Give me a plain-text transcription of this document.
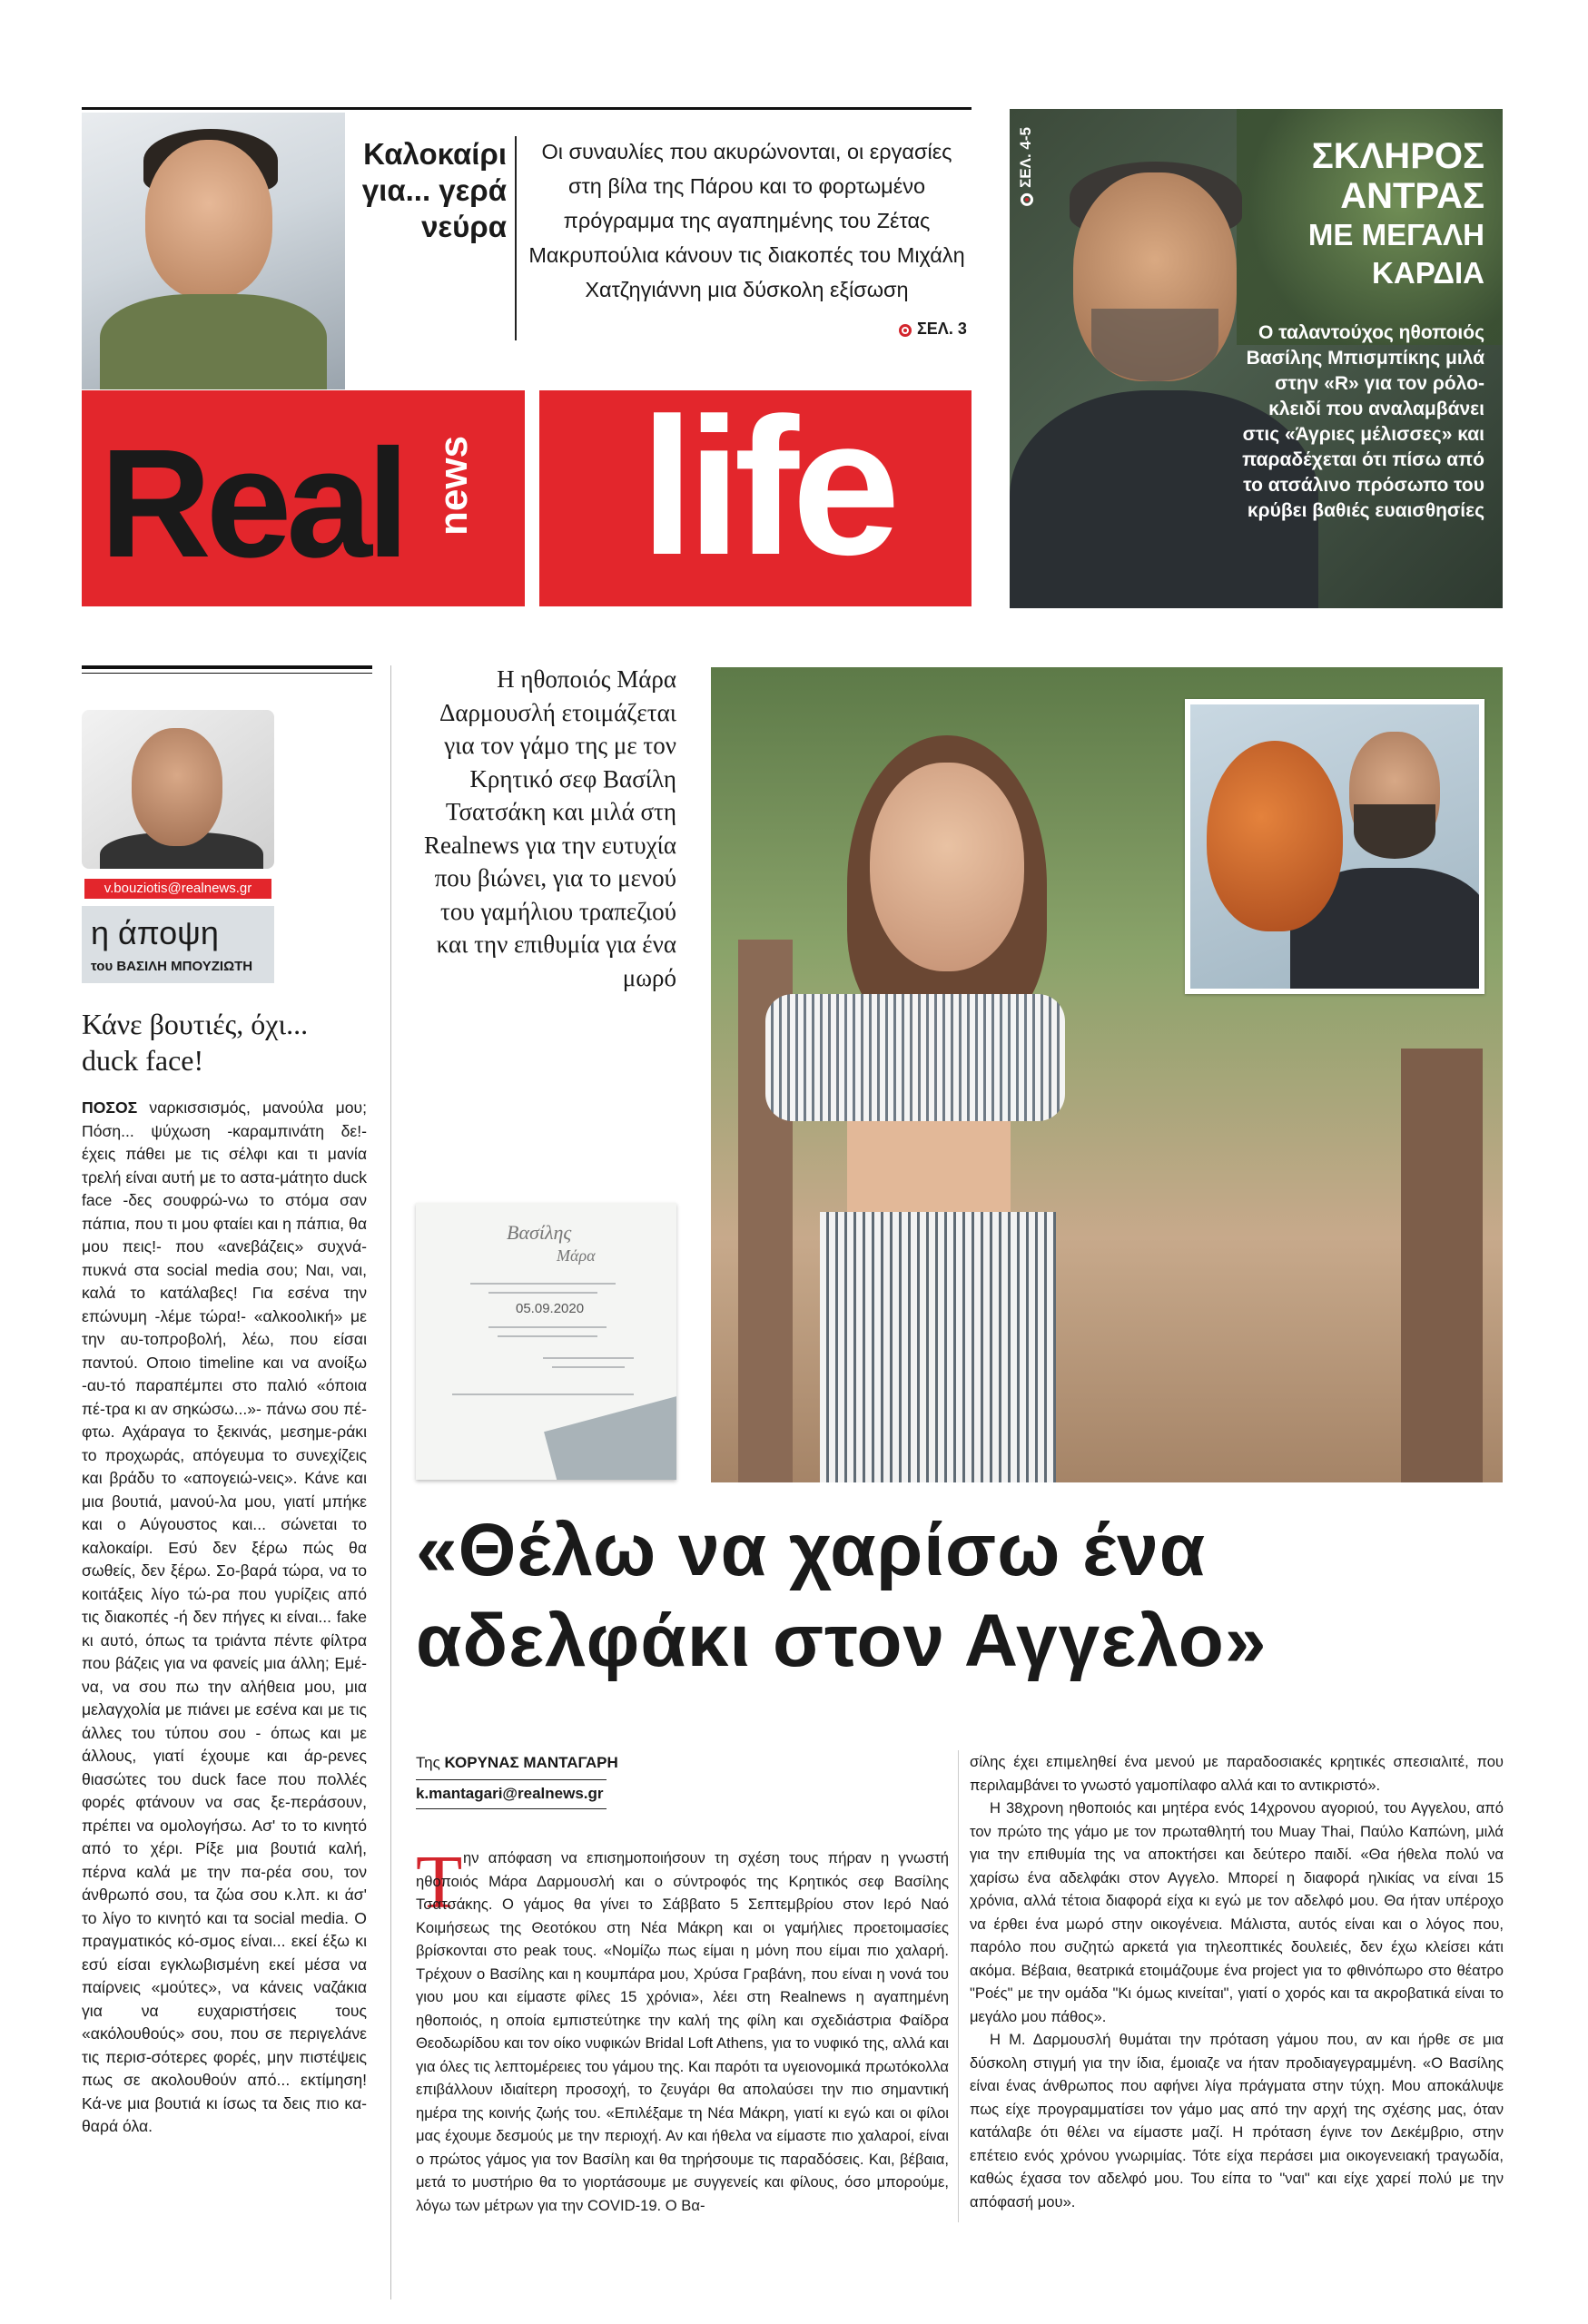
Καλοκαίρι για... γερά νεύρα
Οι συναυλίες που ακυρώνονται, οι εργασίες στη βίλα της Πάρου και το φορτωμένο πρόγραμμα της αγαπημένης του Ζέτας Μακρυπούλια κάνουν τις διακοπές του Μιχάλη Χατζηγιάννη μια δύσκολη εξίσωση
ΣΕΛ. 3
Real news life
ΣΕΛ. 4-5	ΣΚΛΗΡΟΣ ΑΝΤΡΑΣ
ΜΕ ΜΕΓΑΛΗ ΚΑΡΔΙΑ
Ο ταλαντούχος ηθοποιός Βασίλης Μπισμπίκης μιλά στην «R» για τον ρόλο-κλειδί που αναλαμβάνει στις «Άγριες μέλισσες» και παραδέχεται ότι πίσω από το ατσάλινο πρόσωπο του κρύβει βαθιές ευαισθησίες
v.bouziotis@realnews.gr
η άποψη
του ΒΑΣΙΛΗ ΜΠΟΥΖΙΩΤΗ
Κάνε βουτιές, όχι... duck face!
ΠΟΣΟΣ ναρκισσισμός, μανούλα μου; Πόση... ψύχωση -καραμπινάτη δε!- έχεις πάθει με τις σέλφι και τι μανία τρελή είναι αυτή με το αστα-μάτητο duck face -δες σουφρώ-νω το στόμα σαν πάπια, που τι μου φταίει και η πάπια, θα μου πεις!- που «ανεβάζεις» συχνά-πυκνά στα social media σου; Ναι, ναι, καλά το κατάλαβες! Για εσένα την επώνυμη -λέμε τώρα!- «αλκοολική» με την αυ-τοπροβολή, λέω, που είσαι παντού. Οποιο timeline και να ανοίξω -αυ-τό παραπέμπει στο παλιό «όποια πέ-τρα κι αν σηκώσω...»- πάνω σου πέ-φτω. Αχάραγα το ξεκινάς, μεσημε-ράκι το προχωράς, απόγευμα το συνεχίζεις και βράδυ το «απογειώ-νεις». Κάνε και μια βουτιά, μανού-λα μου, γιατί μπήκε και ο Αύγουστος και... σώνεται το καλοκαίρι. Εσύ δεν ξέρω πώς θα σωθείς, δεν ξέρω. Σο-βαρά τώρα, να το κοιτάξεις λίγο τώ-ρα που γυρίζεις από τις διακοπές -ή δεν πήγες κι είναι... fake κι αυτό, όπως τα τριάντα πέντε φίλτρα που βάζεις για να φανείς μια άλλη; Εμέ-να, να σου πω την αλήθεια μου, μια μελαγχολία με πιάνει με εσένα και με τις άλλες του τύπου σου - όπως και με άλλους, γιατί έχουμε και άρ-ρενες θιασώτες του duck face που πολλές φορές φτάνουν να σας ξε-περάσουν, πρέπει να ομολογήσω. Ασ' το το κινητό από το χέρι. Ρίξε μια βουτιά καλή, πέρνα καλά με την πα-ρέα σου, τον άνθρωπό σου, τα ζώα σου κ.λπ. κι άσ' το λίγο το κινητό και τα social media. Ο πραγματικός κό-σμος είναι... εκεί έξω κι εσύ είσαι εγκλωβισμένη εκεί μέσα να παίρνεις «μούτες», να κάνεις ναζάκια για να ευχαριστήσεις τους «ακόλουθούς» σου, που σε περιγελάνε τις περισ-σότερες φορές, μην πιστέψεις πως σε ακολουθούν από... εκτίμηση! Κά-νε μια βουτιά κι ίσως τα δεις πιο κα-θαρά όλα.
Η ηθοποιός Μάρα Δαρμουσλή ετοιμάζεται για τον γάμο της με τον Κρητικό σεφ Βασίλη Τσατσάκη και μιλά στη Realnews για την ευτυχία που βιώνει, για το μενού του γαμήλιου τραπεζιού και την επιθυμία για ένα μωρό
Βασίλης
Μάρα
05.09.2020
«Θέλω να χαρίσω ένα αδελφάκι στον Αγγελο»
Της ΚΟΡΥΝΑΣ ΜΑΝΤΑΓΑΡΗ
k.mantagari@realnews.gr
Τ ην απόφαση να επισημοποιήσουν τη σχέση τους πήραν η γνωστή ηθοποιός Μάρα Δαρμουσλή και ο σύντροφός της Κρητικός σεφ Βασίλης Τσατσάκης. Ο γάμος θα γίνει το Σάββατο 5 Σεπτεμβρίου στον Ιερό Ναό Κοιμήσεως της Θεοτόκου στη Νέα Μάκρη και οι γαμήλιες προετοιμασίες βρίσκονται στο peak τους. «Νομίζω πως είμαι η μόνη που είμαι πιο χαλαρή. Τρέχουν ο Βασίλης και η κουμπάρα μου, Χρύσα Γραβάνη, που είναι η νονά του γιου μου και είμαστε φίλες 15 χρόνια», λέει στη Realnews η αγαπημένη ηθοποιός, η οποία εμπιστεύτηκε την καλή της φίλη και σχεδιάστρια Φαίδρα Θεοδωρίδου και τον οίκο νυφικών Bridal Loft Athens, για το νυφικό της, αλλά και για όλες τις λεπτομέρειες του γάμου της. Και παρότι τα υγειονομικά πρωτόκολλα επιβάλλουν ιδιαίτερη προσοχή, το ζευγάρι θα απολαύσει την πιο σημαντική ημέρα της κοινής ζωής του. «Επιλέξαμε τη Νέα Μάκρη, γιατί κι εγώ και οι φίλοι μας έχουμε δεσμούς με την περιοχή. Αν και ήθελα να είμαστε πιο χαλαροί, είναι ο πρώτος γάμος για τον Βασίλη και θα τηρήσουμε τις παραδόσεις. Και, βέβαια, μετά το μυστήριο θα το γιορτάσουμε με συγγενείς και φίλους, όσο μπορούμε, λόγω των μέτρων για την COVID-19. Ο Βα-

σίλης έχει επιμεληθεί ένα μενού με παραδοσιακές κρητικές σπεσιαλιτέ, που περιλαμβάνει το γνωστό γαμοπίλαφο αλλά και το αντικριστό».

Η 38χρονη ηθοποιός και μητέρα ενός 14χρονου αγοριού, του Αγγελου, από τον πρώτο της γάμο με τον πρωταθλητή του Muay Thai, Παύλο Καπώνη, μιλά για την επιθυμία της να αποκτήσει και δεύτερο παιδί. «Θα ήθελα πολύ να χαρίσω ένα αδελφάκι στον Αγγελο. Μπορεί η διαφορά ηλικίας να είναι 15 χρόνια, αλλά τέτοια διαφορά είχα κι εγώ με τον αδελφό μου. Θα ήταν υπέροχο να έρθει ένα μωρό στην οικογένεια. Μάλιστα, αυτός είναι και ο λόγος που, παρόλο που συζητώ αρκετά για τηλεοπτικές δουλειές, δεν έχω κλείσει κάτι ακόμα. Βέβαια, θεατρικά ετοιμάζουμε ένα project για το φθινόπωρο στο θέατρο "Ροές" με την ομάδα "Κι όμως κινείται", γιατί ο χορός και τα ακροβατικά είναι το μεγάλο μου πάθος».

Η Μ. Δαρμουσλή θυμάται την πρόταση γάμου που, αν και ήρθε σε μια δύσκολη στιγμή για την ίδια, έμοιαζε να ήταν προδιαγεγραμμένη. «Ο Βασίλης είναι ένας άνθρωπος που αφήνει λίγα πράγματα στην τύχη. Μου αποκάλυψε πως είχε προγραμματίσει τον γάμο μας από την αρχή της σχέσης μας, όταν κατάλαβε ότι θέλει να είμαστε μαζί. Η πρόταση έγινε τον Δεκέμβριο, στην επέτειο ενός χρόνου γνωριμίας. Τότε είχα περάσει μια οικογενειακή τραγωδία, καθώς έχασα τον αδελφό μου. Του είπα το "ναι" και είχε χαρεί πολύ με την απόφασή μου».
